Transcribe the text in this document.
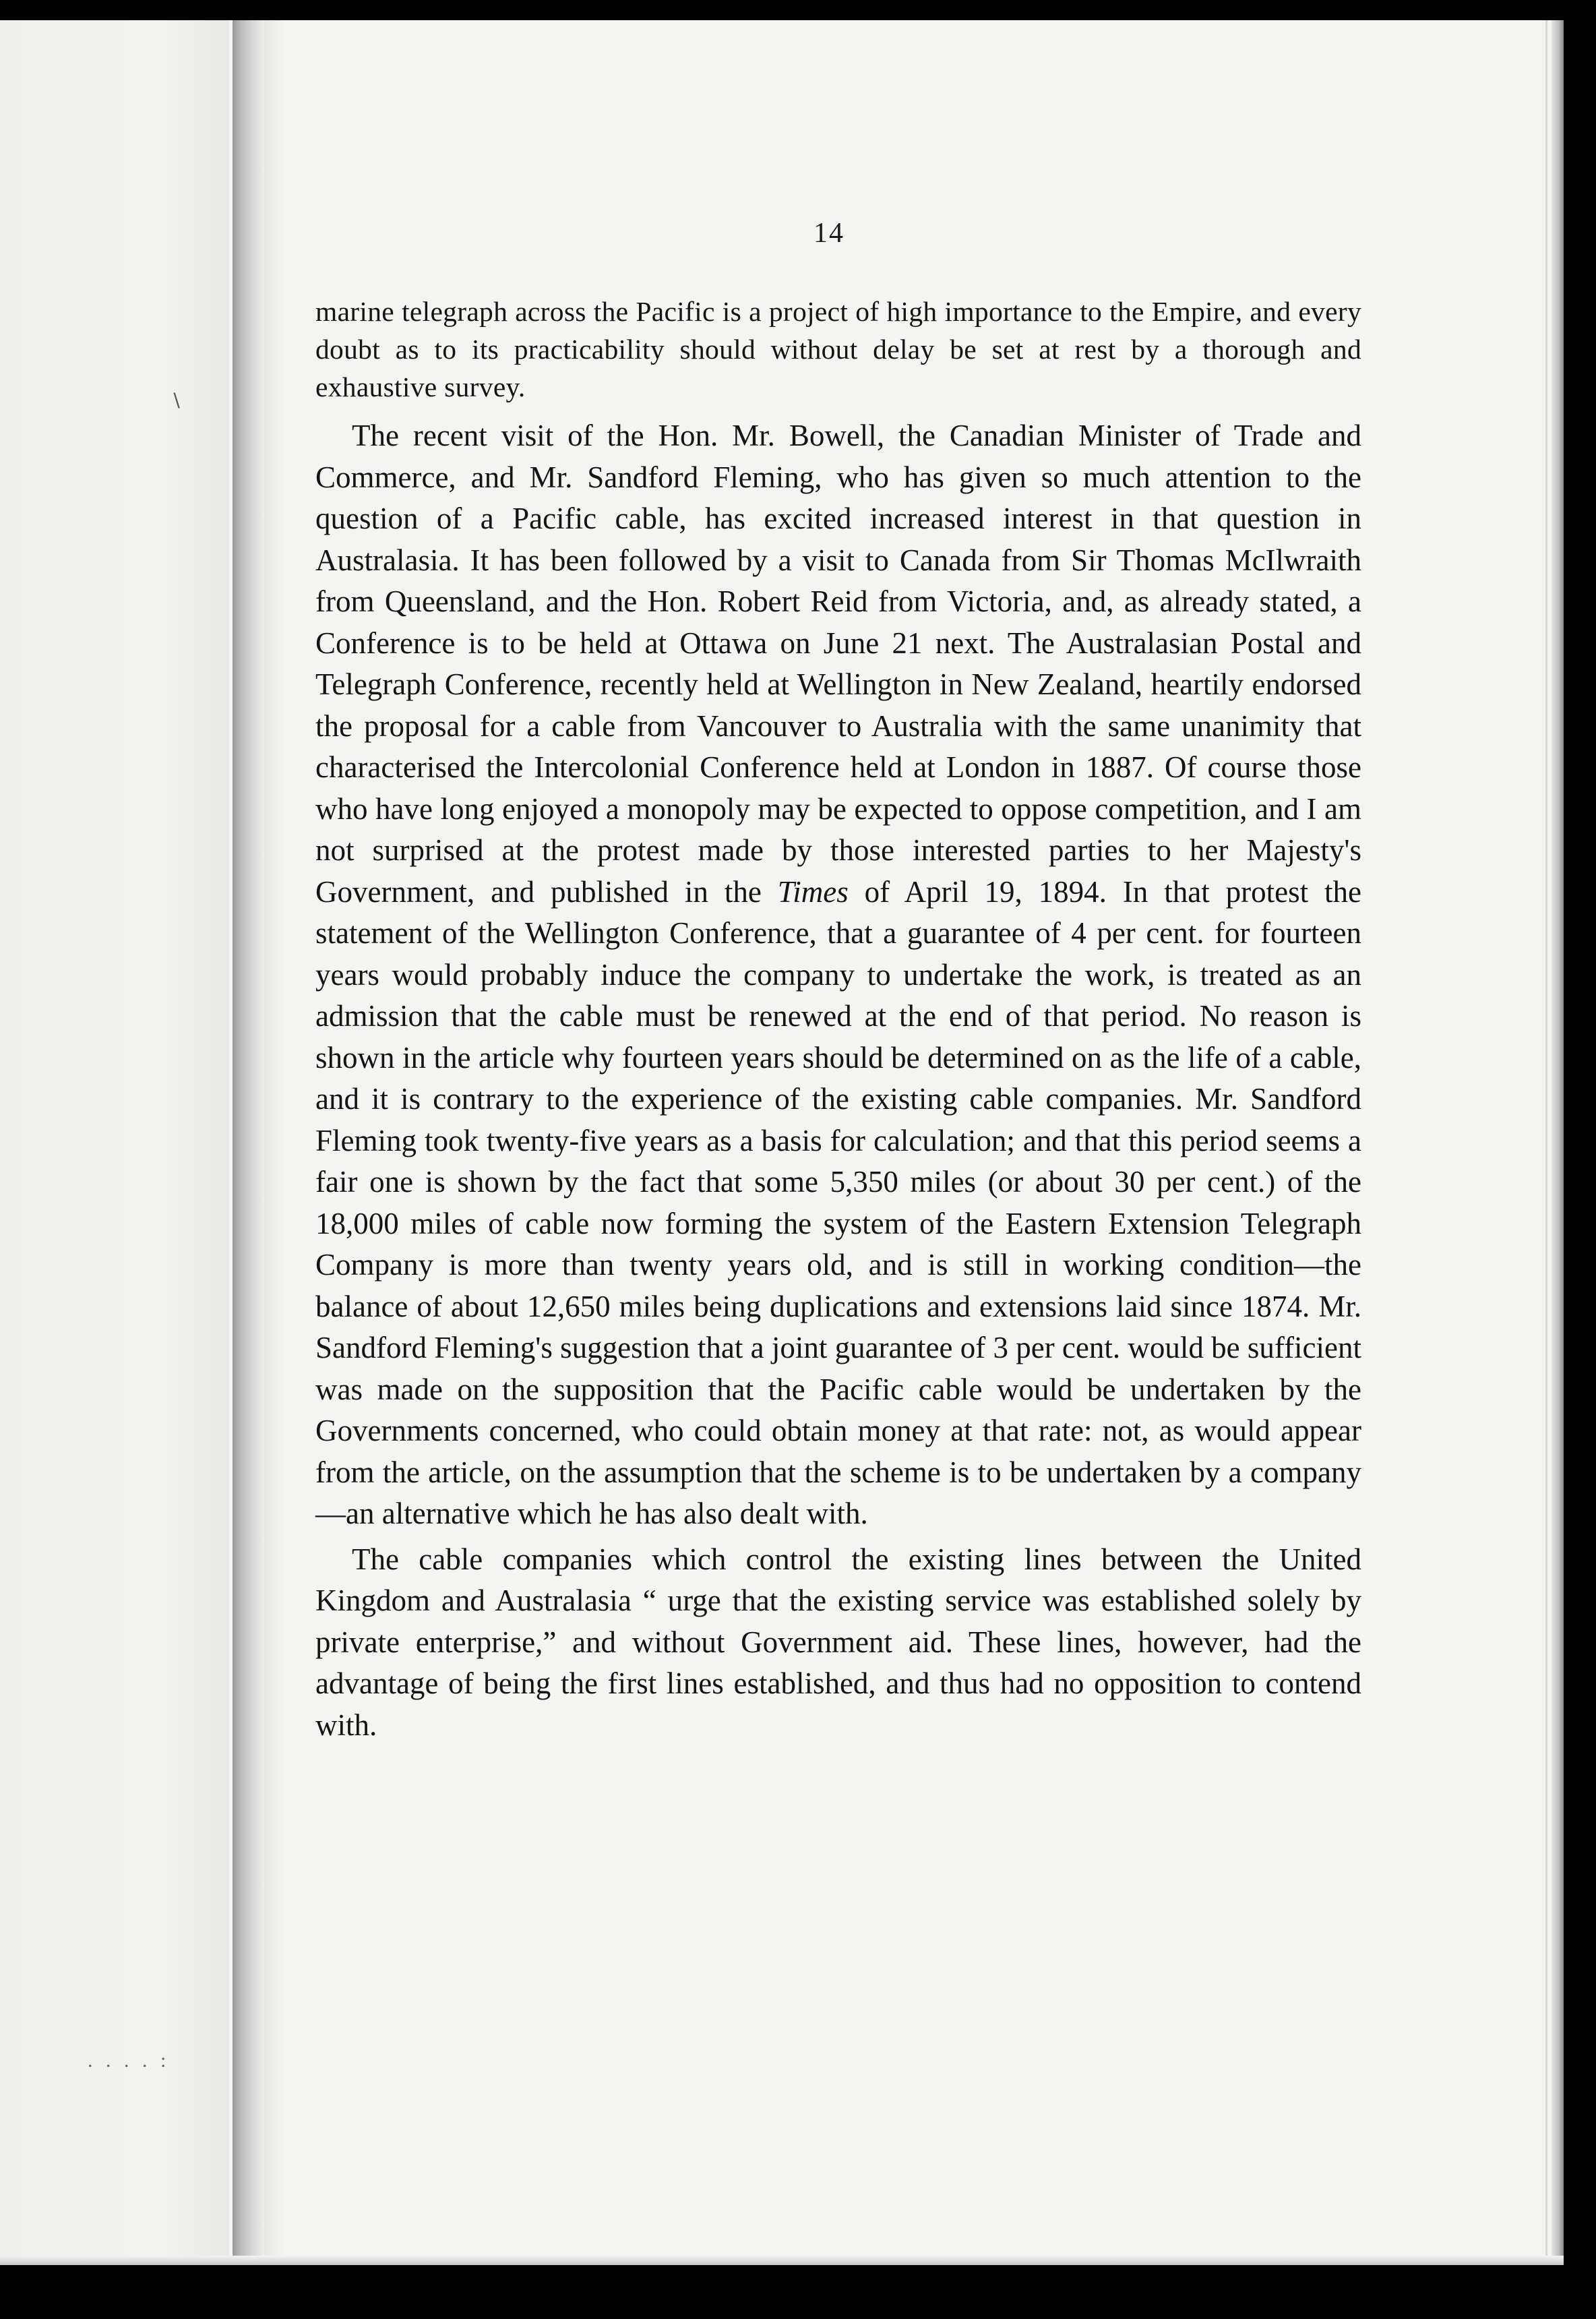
∖
. . . . :
14

marine telegraph across the Pacific is a project of high importance to the Empire, and every doubt as to its practicability should without delay be set at rest by a thorough and exhaustive survey.

The recent visit of the Hon. Mr. Bowell, the Canadian Minister of Trade and Commerce, and Mr. Sandford Fleming, who has given so much attention to the question of a Pacific cable, has excited increased interest in that question in Australasia. It has been followed by a visit to Canada from Sir Thomas McIlwraith from Queensland, and the Hon. Robert Reid from Victoria, and, as already stated, a Conference is to be held at Ottawa on June 21 next. The Australasian Postal and Telegraph Conference, recently held at Wellington in New Zealand, heartily endorsed the proposal for a cable from Vancouver to Australia with the same unanimity that characterised the Intercolonial Conference held at London in 1887. Of course those who have long enjoyed a monopoly may be expected to oppose competition, and I am not surprised at the protest made by those interested parties to her Majesty's Government, and published in the Times of April 19, 1894. In that protest the statement of the Wellington Conference, that a guarantee of 4 per cent. for fourteen years would probably induce the company to undertake the work, is treated as an admission that the cable must be renewed at the end of that period. No reason is shown in the article why fourteen years should be determined on as the life of a cable, and it is contrary to the experience of the existing cable companies. Mr. Sandford Fleming took twenty-five years as a basis for calculation; and that this period seems a fair one is shown by the fact that some 5,350 miles (or about 30 per cent.) of the 18,000 miles of cable now forming the system of the Eastern Extension Telegraph Company is more than twenty years old, and is still in working condition—the balance of about 12,650 miles being duplications and extensions laid since 1874. Mr. Sandford Fleming's suggestion that a joint guarantee of 3 per cent. would be sufficient was made on the supposition that the Pacific cable would be undertaken by the Governments concerned, who could obtain money at that rate: not, as would appear from the article, on the assumption that the scheme is to be undertaken by a company—an alternative which he has also dealt with.

The cable companies which control the existing lines between the United Kingdom and Australasia “ urge that the existing service was established solely by private enterprise,” and without Government aid. These lines, however, had the advantage of being the first lines established, and thus had no opposition to contend with.
